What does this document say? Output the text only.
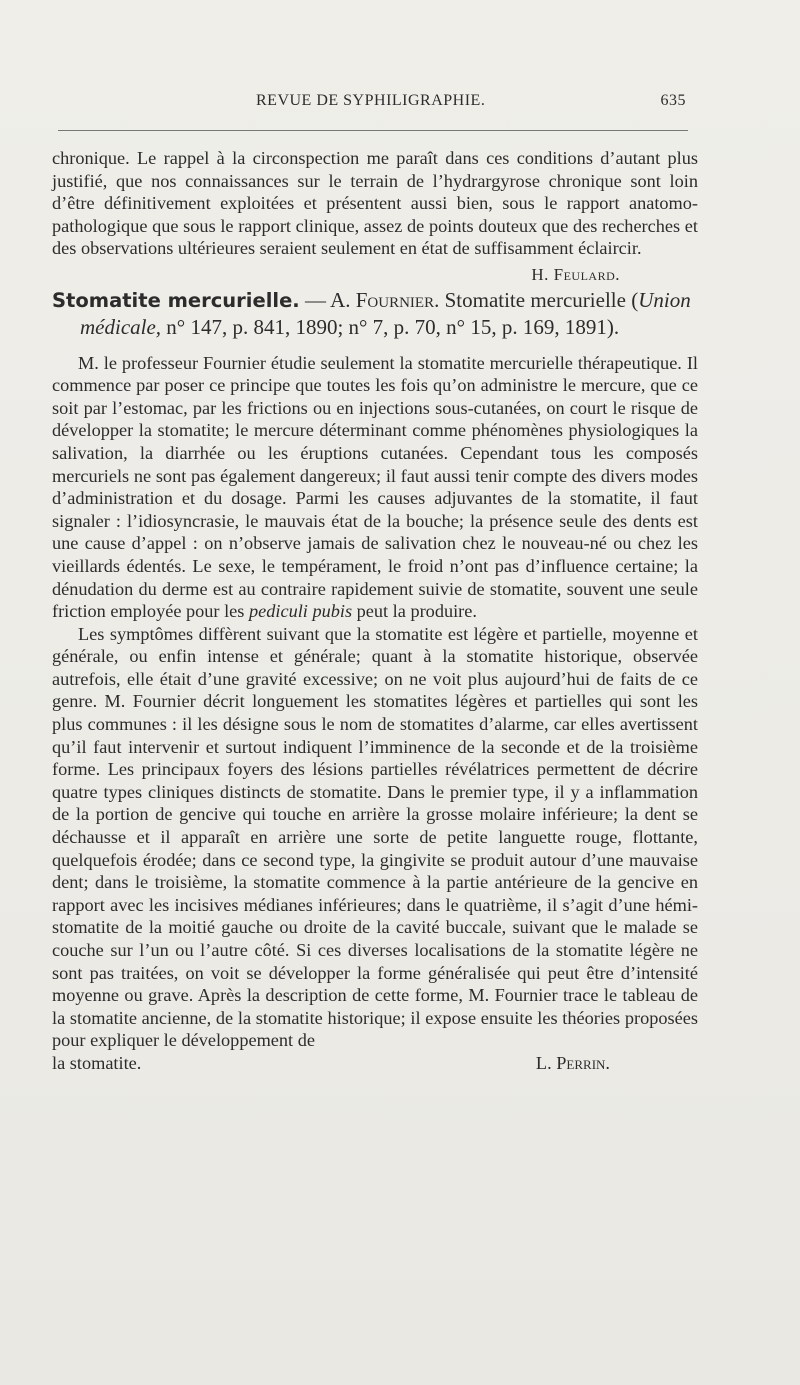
REVUE DE SYPHILIGRAPHIE.	635

chronique. Le rappel à la circonspection me paraît dans ces conditions d’autant plus justifié, que nos connaissances sur le terrain de l’hydrargyrose chronique sont loin d’être définitivement exploitées et présentent aussi bien, sous le rapport anatomo-pathologique que sous le rapport clinique, assez de points douteux que des recherches et des observations ultérieures seraient seulement en état de suffisamment éclaircir.

H. Feulard.

Stomatite mercurielle. — A. Fournier. Stomatite mercurielle (Union
médicale, n° 147, p. 841, 1890; n° 7, p. 70, n° 15, p. 169, 1891).

M. le professeur Fournier étudie seulement la stomatite mercurielle thérapeutique. Il commence par poser ce principe que toutes les fois qu’on administre le mercure, que ce soit par l’estomac, par les frictions ou en injections sous-cutanées, on court le risque de développer la stomatite; le mercure déterminant comme phénomènes physiologiques la salivation, la diarrhée ou les éruptions cutanées. Cependant tous les composés mercuriels ne sont pas également dangereux; il faut aussi tenir compte des divers modes d’administration et du dosage. Parmi les causes adjuvantes de la stomatite, il faut signaler : l’idiosyncrasie, le mauvais état de la bouche; la présence seule des dents est une cause d’appel : on n’observe jamais de salivation chez le nouveau-né ou chez les vieillards édentés. Le sexe, le tempérament, le froid n’ont pas d’influence certaine; la dénudation du derme est au contraire rapidement suivie de stomatite, souvent une seule friction employée pour les pediculi pubis peut la produire.

Les symptômes diffèrent suivant que la stomatite est légère et partielle, moyenne et générale, ou enfin intense et générale; quant à la stomatite historique, observée autrefois, elle était d’une gravité excessive; on ne voit plus aujourd’hui de faits de ce genre. M. Fournier décrit longuement les stomatites légères et partielles qui sont les plus communes : il les désigne sous le nom de stomatites d’alarme, car elles avertissent qu’il faut intervenir et surtout indiquent l’imminence de la seconde et de la troisième forme. Les principaux foyers des lésions partielles révélatrices permettent de décrire quatre types cliniques distincts de stomatite. Dans le premier type, il y a inflammation de la portion de gencive qui touche en arrière la grosse molaire inférieure; la dent se déchausse et il apparaît en arrière une sorte de petite languette rouge, flottante, quelquefois érodée; dans ce second type, la gingivite se produit autour d’une mauvaise dent; dans le troisième, la stomatite commence à la partie antérieure de la gencive en rapport avec les incisives médianes inférieures; dans le quatrième, il s’agit d’une hémi-stomatite de la moitié gauche ou droite de la cavité buccale, suivant que le malade se couche sur l’un ou l’autre côté. Si ces diverses localisations de la stomatite légère ne sont pas traitées, on voit se développer la forme généralisée qui peut être d’intensité moyenne ou grave. Après la description de cette forme, M. Fournier trace le tableau de la stomatite ancienne, de la stomatite historique; il expose ensuite les théories proposées pour expliquer le développement de

la stomatite.	L. Perrin.
